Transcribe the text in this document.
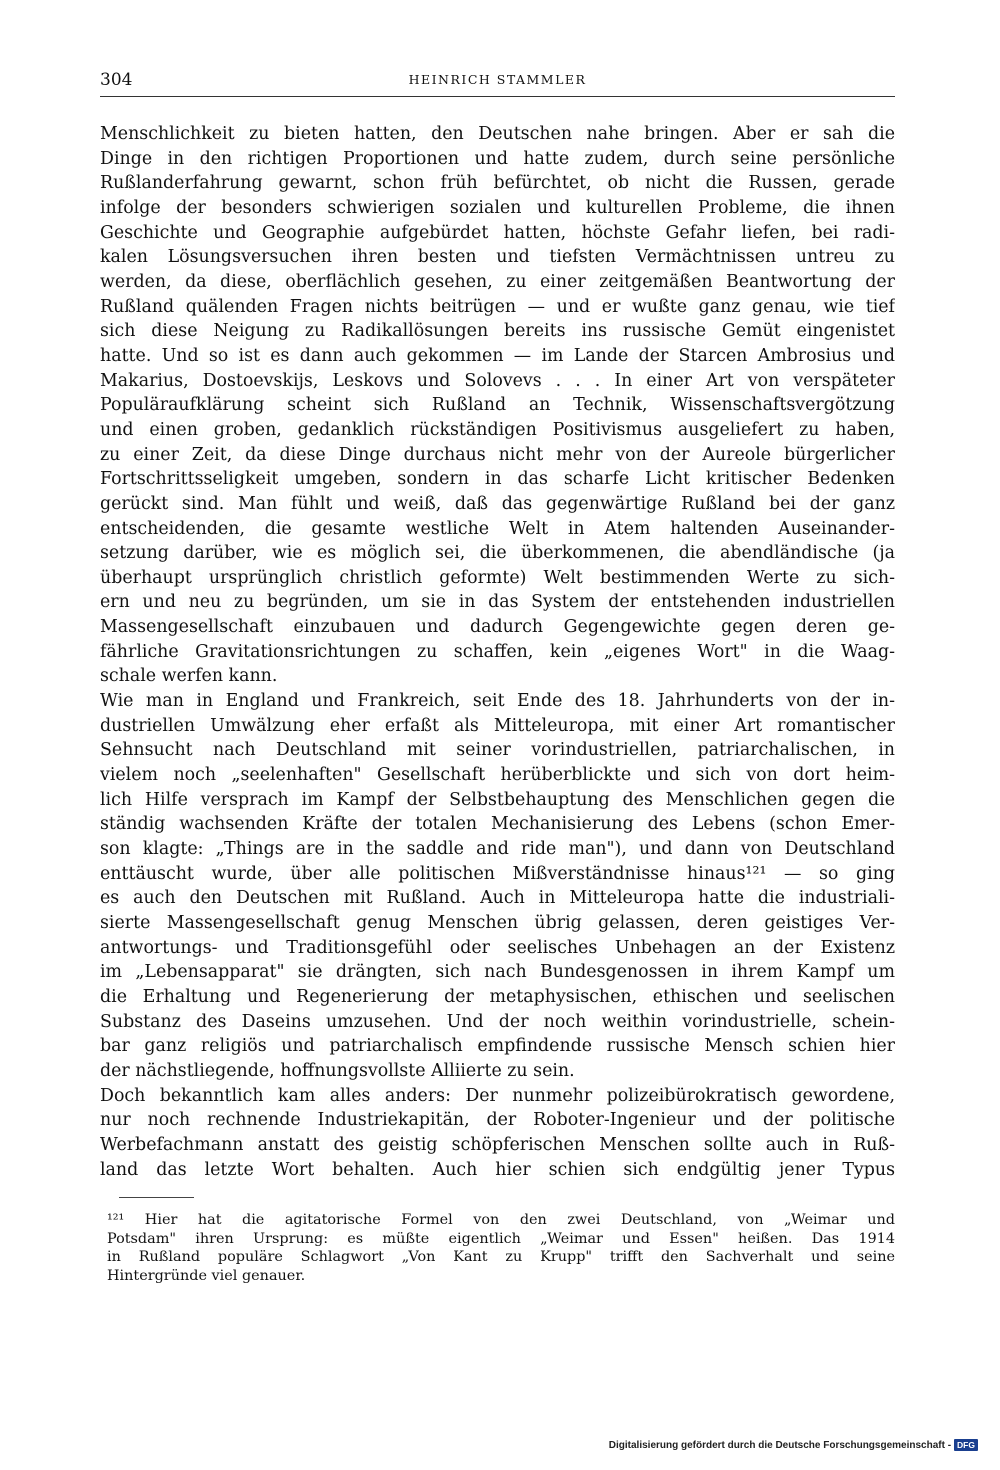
304	HEINRICH STAMMLER
Menschlichkeit zu bieten hatten, den Deutschen nahe bringen. Aber er sah die
Dinge in den richtigen Proportionen und hatte zudem, durch seine persönliche
Rußlanderfahrung gewarnt, schon früh befürchtet, ob nicht die Russen, gerade
infolge der besonders schwierigen sozialen und kulturellen Probleme, die ihnen
Geschichte und Geographie aufgebürdet hatten, höchste Gefahr liefen, bei radi-
kalen Lösungsversuchen ihren besten und tiefsten Vermächtnissen untreu zu
werden, da diese, oberflächlich gesehen, zu einer zeitgemäßen Beantwortung der
Rußland quälenden Fragen nichts beitrügen — und er wußte ganz genau, wie tief
sich diese Neigung zu Radikallösungen bereits ins russische Gemüt eingenistet
hatte. Und so ist es dann auch gekommen — im Lande der Starcen Ambrosius und
Makarius, Dostoevskijs, Leskovs und Solovevs . . . In einer Art von verspäteter
Populäraufklärung scheint sich Rußland an Technik, Wissenschaftsvergötzung
und einen groben, gedanklich rückständigen Positivismus ausgeliefert zu haben,
zu einer Zeit, da diese Dinge durchaus nicht mehr von der Aureole bürgerlicher
Fortschrittsseligkeit umgeben, sondern in das scharfe Licht kritischer Bedenken
gerückt sind. Man fühlt und weiß, daß das gegenwärtige Rußland bei der ganz
entscheidenden, die gesamte westliche Welt in Atem haltenden Auseinander-
setzung darüber, wie es möglich sei, die überkommenen, die abendländische (ja
überhaupt ursprünglich christlich geformte) Welt bestimmenden Werte zu sich-
ern und neu zu begründen, um sie in das System der entstehenden industriellen
Massengesellschaft einzubauen und dadurch Gegengewichte gegen deren ge-
fährliche Gravitationsrichtungen zu schaffen, kein „eigenes Wort" in die Waag-
schale werfen kann.
Wie man in England und Frankreich, seit Ende des 18. Jahrhunderts von der in-
dustriellen Umwälzung eher erfaßt als Mitteleuropa, mit einer Art romantischer
Sehnsucht nach Deutschland mit seiner vorindustriellen, patriarchalischen, in
vielem noch „seelenhaften" Gesellschaft herüberblickte und sich von dort heim-
lich Hilfe versprach im Kampf der Selbstbehauptung des Menschlichen gegen die
ständig wachsenden Kräfte der totalen Mechanisierung des Lebens (schon Emer-
son klagte: „Things are in the saddle and ride man"), und dann von Deutschland
enttäuscht wurde, über alle politischen Mißverständnisse hinaus¹²¹ — so ging
es auch den Deutschen mit Rußland. Auch in Mitteleuropa hatte die industriali-
sierte Massengesellschaft genug Menschen übrig gelassen, deren geistiges Ver-
antwortungs- und Traditionsgefühl oder seelisches Unbehagen an der Existenz
im „Lebensapparat" sie drängten, sich nach Bundesgenossen in ihrem Kampf um
die Erhaltung und Regenerierung der metaphysischen, ethischen und seelischen
Substanz des Daseins umzusehen. Und der noch weithin vorindustrielle, schein-
bar ganz religiös und patriarchalisch empfindende russische Mensch schien hier
der nächstliegende, hoffnungsvollste Alliierte zu sein.
Doch bekanntlich kam alles anders: Der nunmehr polizeibürokratisch gewordene,
nur noch rechnende Industriekapitän, der Roboter-Ingenieur und der politische
Werbefachmann anstatt des geistig schöpferischen Menschen sollte auch in Ruß-
land das letzte Wort behalten. Auch hier schien sich endgültig jener Typus
¹²¹ Hier hat die agitatorische Formel von den zwei Deutschland, von „Weimar und
Potsdam" ihren Ursprung: es müßte eigentlich „Weimar und Essen" heißen. Das 1914
in Rußland populäre Schlagwort „Von Kant zu Krupp" trifft den Sachverhalt und seine
Hintergründe viel genauer.
Digitalisierung gefördert durch die Deutsche Forschungsgemeinschaft - DFG
